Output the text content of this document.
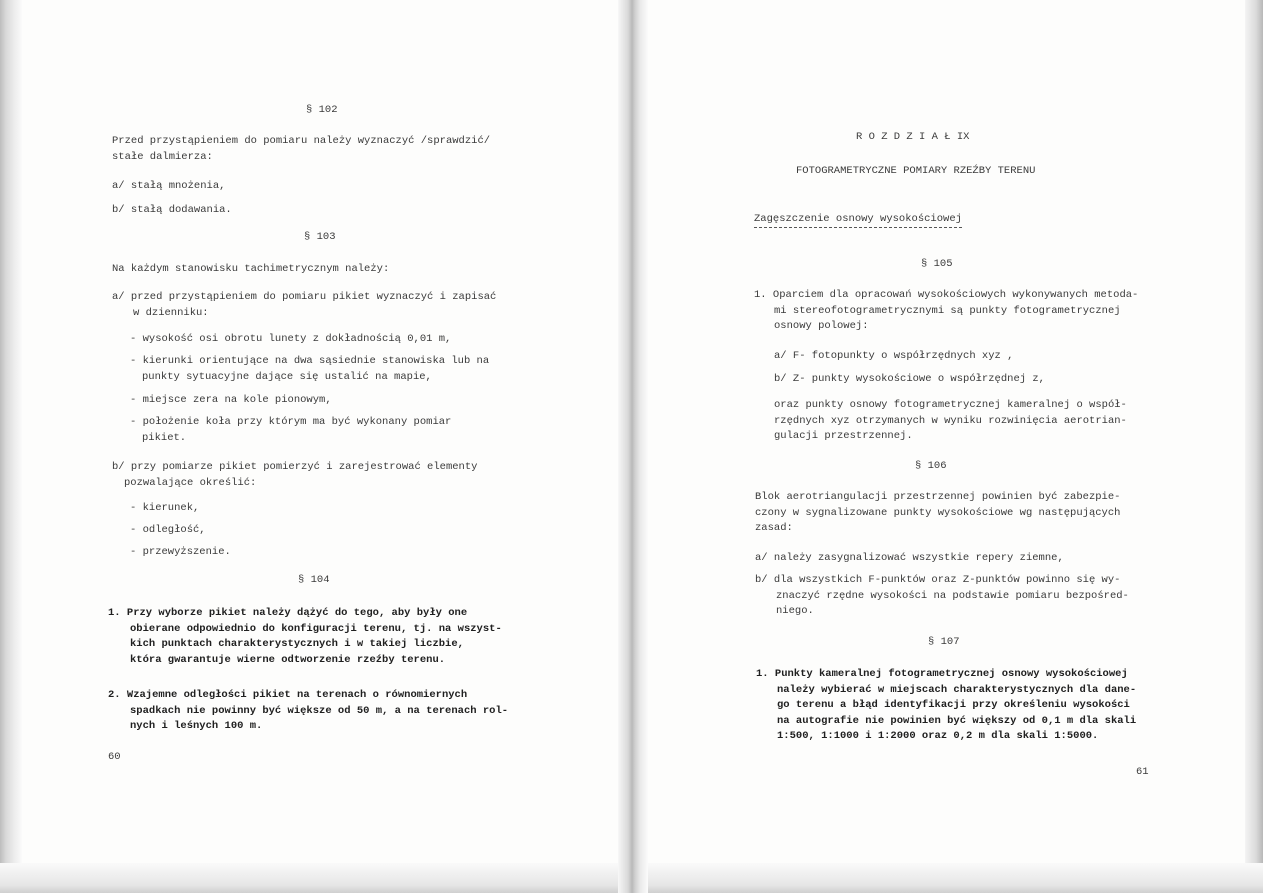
§ 102
Przed przystąpieniem do pomiaru należy wyznaczyć /sprawdzić/
stałe dalmierza:
a/ stałą mnożenia,
b/ stałą dodawania.
§ 103
Na każdym stanowisku tachimetrycznym należy:
a/ przed przystąpieniem do pomiaru pikiet wyznaczyć i zapisać
w dzienniku:
- wysokość osi obrotu lunety z dokładnością 0,01 m,
- kierunki orientujące na dwa sąsiednie stanowiska lub na
punkty sytuacyjne dające się ustalić na mapie,
- miejsce zera na kole pionowym,
- położenie koła przy którym ma być wykonany pomiar
pikiet.
b/ przy pomiarze pikiet pomierzyć i zarejestrować elementy
pozwalające określić:
- kierunek,
- odległość,
- przewyższenie.
§ 104
1. Przy wyborze pikiet należy dążyć do tego, aby były one
obierane odpowiednio do konfiguracji terenu, tj. na wszyst-
kich punktach charakterystycznych i w takiej liczbie,
która gwarantuje wierne odtworzenie rzeźby terenu.
2. Wzajemne odległości pikiet na terenach o równomiernych
spadkach nie powinny być większe od 50 m, a na terenach rol-
nych i leśnych 100 m.
60
R O Z D Z I A Ł IX
FOTOGRAMETRYCZNE POMIARY RZEŹBY TERENU
Zagęszczenie osnowy wysokościowej
§ 105
1. Oparciem dla opracowań wysokościowych wykonywanych metoda-
mi stereofotogrametrycznymi są punkty fotogrametrycznej
osnowy polowej:
a/ F- fotopunkty o współrzędnych xyz ,
b/ Z- punkty wysokościowe o współrzędnej z,
oraz punkty osnowy fotogrametrycznej kameralnej o współ-
rzędnych xyz otrzymanych w wyniku rozwinięcia aerotrian-
gulacji przestrzennej.
§ 106
Blok aerotriangulacji przestrzennej powinien być zabezpie-
czony w sygnalizowane punkty wysokościowe wg następujących
zasad:
a/ należy zasygnalizować wszystkie repery ziemne,
b/ dla wszystkich F-punktów oraz Z-punktów powinno się wy-
znaczyć rzędne wysokości na podstawie pomiaru bezpośred-
niego.
§ 107
1. Punkty kameralnej fotogrametrycznej osnowy wysokościowej
należy wybierać w miejscach charakterystycznych dla dane-
go terenu a błąd identyfikacji przy określeniu wysokości
na autografie nie powinien być większy od 0,1 m dla skali
1:500, 1:1000 i 1:2000 oraz 0,2 m dla skali 1:5000.
61
